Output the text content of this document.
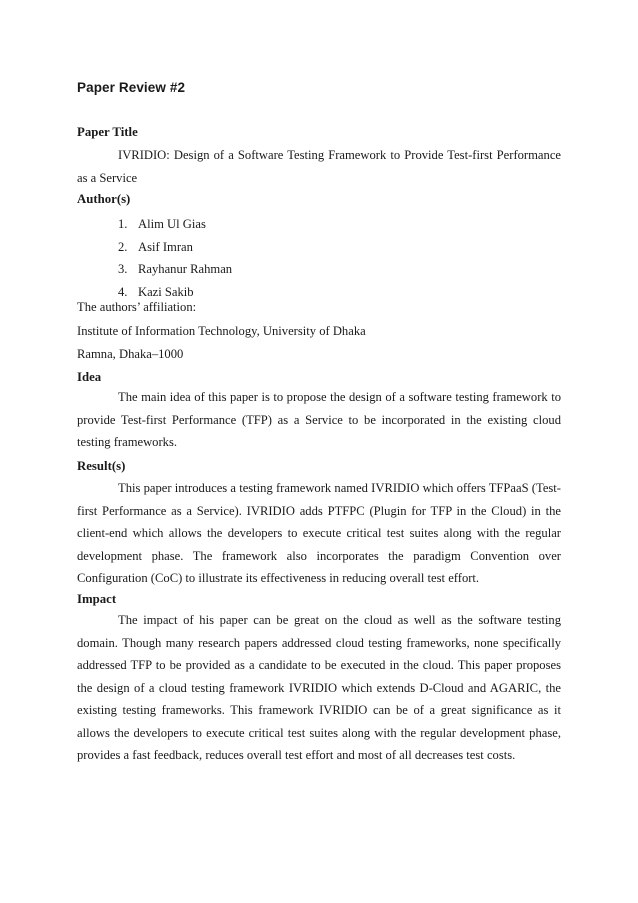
Paper Review #2
Paper Title

IVRIDIO: Design of a Software Testing Framework to Provide Test-first Performance as a Service

Author(s)
1. Alim Ul Gias
2. Asif Imran
3. Rayhanur Rahman
4. Kazi Sakib
The authors’ affiliation:
Institute of Information Technology, University of Dhaka
Ramna, Dhaka–1000
Idea

The main idea of this paper is to propose the design of a software testing framework to provide Test-first Performance (TFP) as a Service to be incorporated in the existing cloud testing frameworks.

Result(s)

This paper introduces a testing framework named IVRIDIO which offers TFPaaS (Test-first Performance as a Service). IVRIDIO adds PTFPC (Plugin for TFP in the Cloud) in the client-end which allows the developers to execute critical test suites along with the regular development phase. The framework also incorporates the paradigm Convention over Configuration (CoC) to illustrate its effectiveness in reducing overall test effort.

Impact

The impact of his paper can be great on the cloud as well as the software testing domain. Though many research papers addressed cloud testing frameworks, none specifically addressed TFP to be provided as a candidate to be executed in the cloud. This paper proposes the design of a cloud testing framework IVRIDIO which extends D-Cloud and AGARIC, the existing testing frameworks. This framework IVRIDIO can be of a great significance as it allows the developers to execute critical test suites along with the regular development phase, provides a fast feedback, reduces overall test effort and most of all decreases test costs.
